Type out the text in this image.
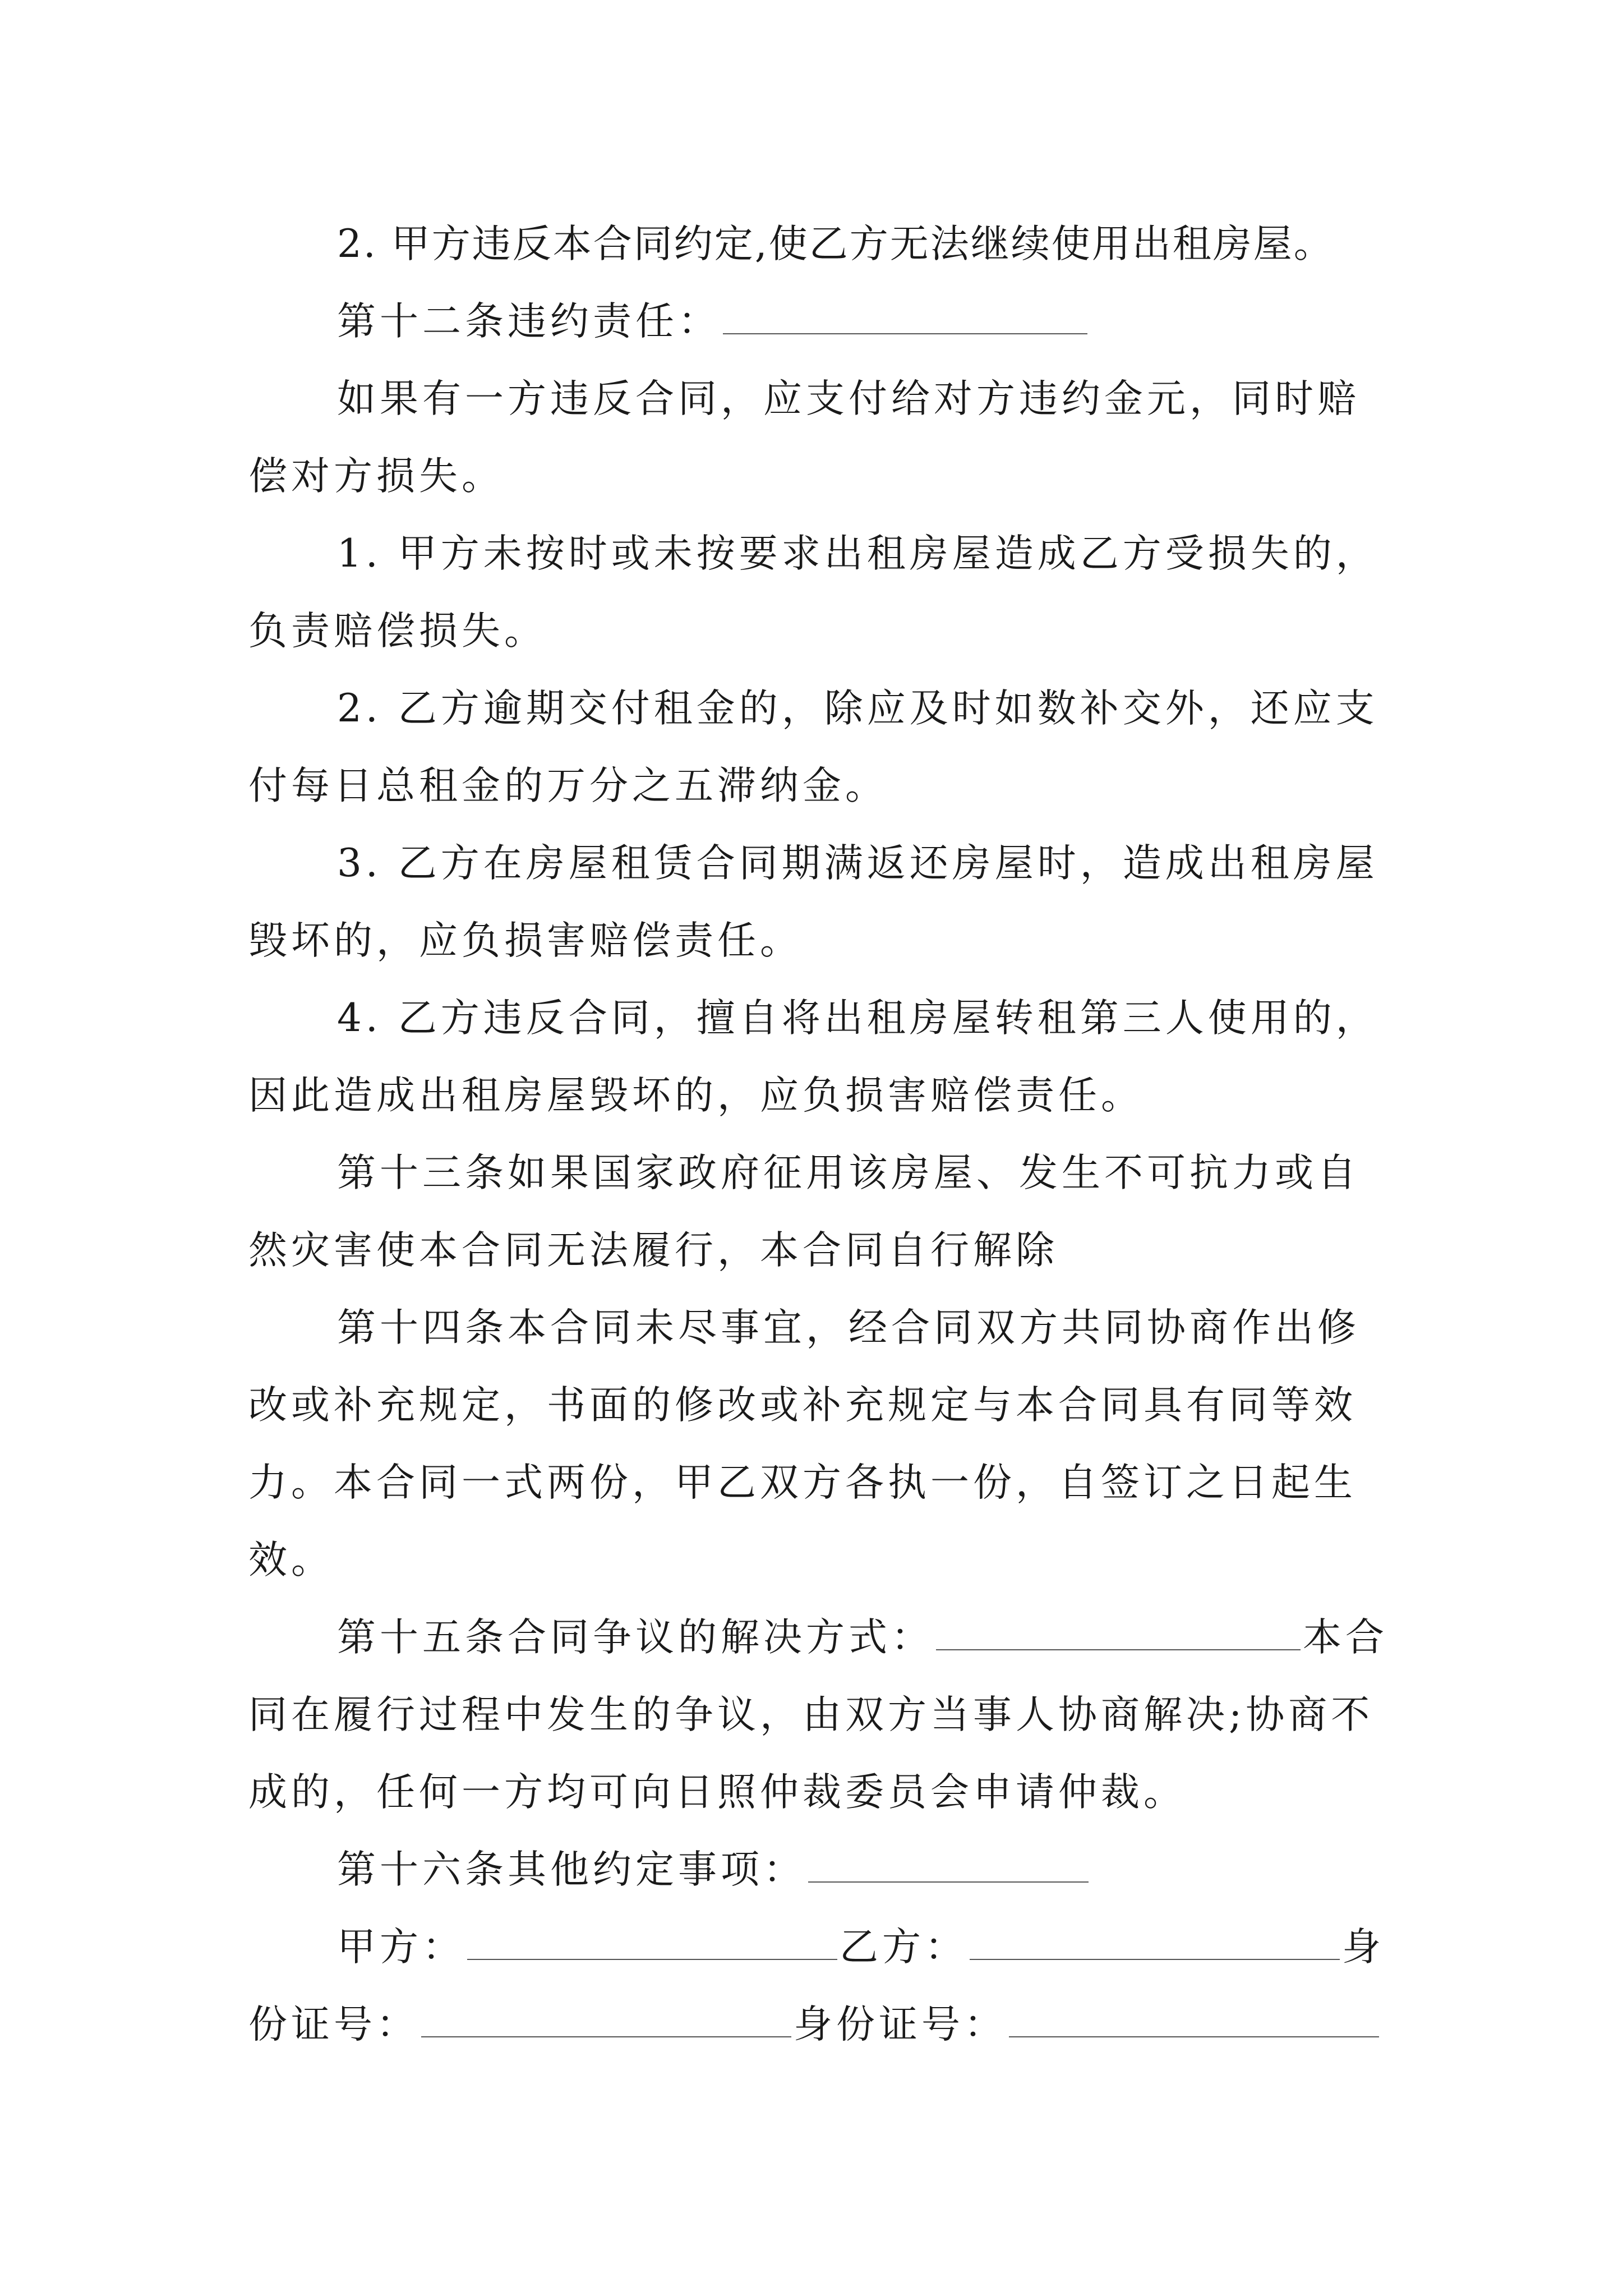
2. 甲方违反本合同约定,使乙方无法继续使用出租房屋。

第十二条违约责任：

如果有一方违反合同，应支付给对方违约金元，同时赔偿对方损失。

1. 甲方未按时或未按要求出租房屋造成乙方受损失的，负责赔偿损失。

2. 乙方逾期交付租金的，除应及时如数补交外，还应支付每日总租金的万分之五滞纳金。

3. 乙方在房屋租赁合同期满返还房屋时，造成出租房屋毁坏的，应负损害赔偿责任。

4. 乙方违反合同，擅自将出租房屋转租第三人使用的，因此造成出租房屋毁坏的，应负损害赔偿责任。

第十三条如果国家政府征用该房屋、发生不可抗力或自然灾害使本合同无法履行，本合同自行解除

第十四条本合同未尽事宜，经合同双方共同协商作出修改或补充规定，书面的修改或补充规定与本合同具有同等效力。本合同一式两份，甲乙双方各执一份，自签订之日起生效。

第十五条合同争议的解决方式：	本合同在履行过程中发生的争议，由双方当事人协商解决;协商不成的，任何一方均可向日照仲裁委员会申请仲裁。

第十六条其他约定事项：

甲方：	乙方：	身份证号：	身份证号：
